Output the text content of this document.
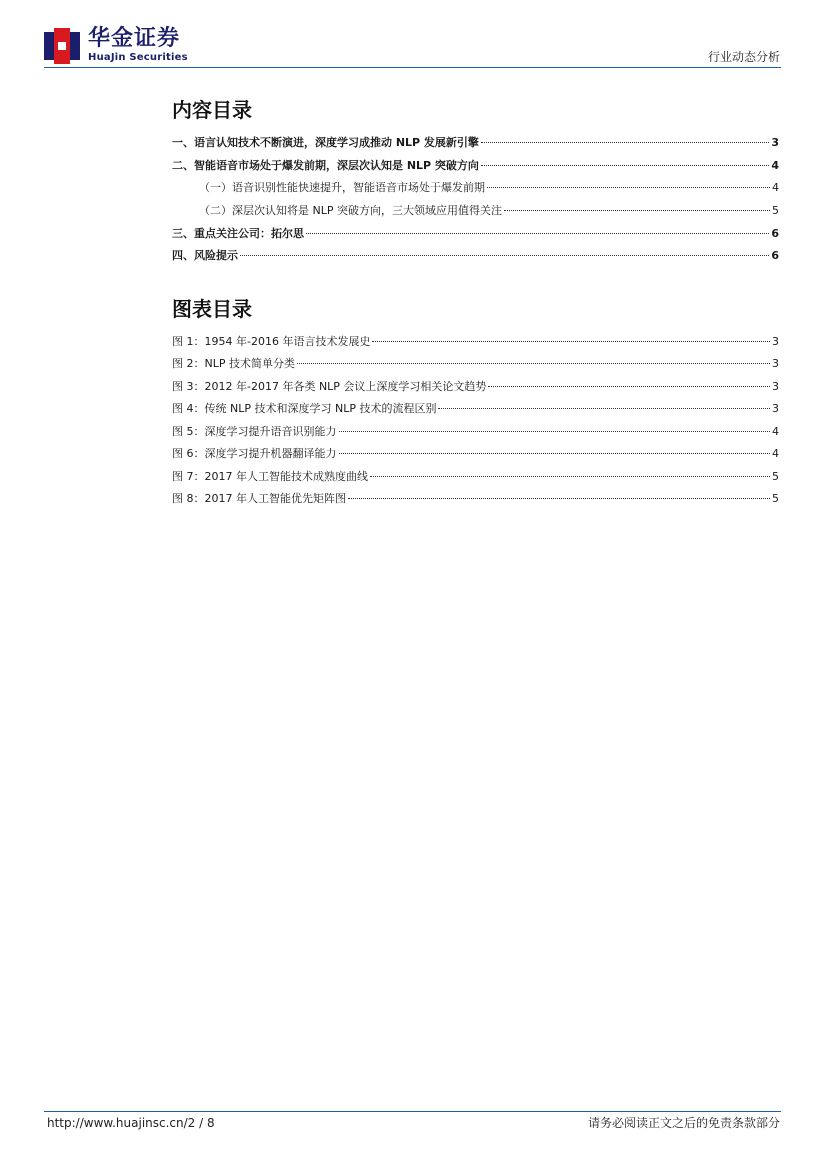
华金证券
HuaJin Securities	行业动态分析
内容目录
一、语言认知技术不断演进，深度学习成推动 NLP 发展新引擎	3
二、智能语音市场处于爆发前期，深层次认知是 NLP 突破方向	4
（一）语音识别性能快速提升，智能语音市场处于爆发前期	4
（二）深层次认知将是 NLP 突破方向，三大领域应用值得关注	5
三、重点关注公司：拓尔思	6
四、风险提示	6
图表目录
图 1：1954 年-2016 年语言技术发展史	3
图 2：NLP 技术简单分类	3
图 3：2012 年-2017 年各类 NLP 会议上深度学习相关论文趋势	3
图 4：传统 NLP 技术和深度学习 NLP 技术的流程区别	3
图 5：深度学习提升语音识别能力	4
图 6：深度学习提升机器翻译能力	4
图 7：2017 年人工智能技术成熟度曲线	5
图 8：2017 年人工智能优先矩阵图	5
http://www.huajinsc.cn/2 / 8	请务必阅读正文之后的免责条款部分
